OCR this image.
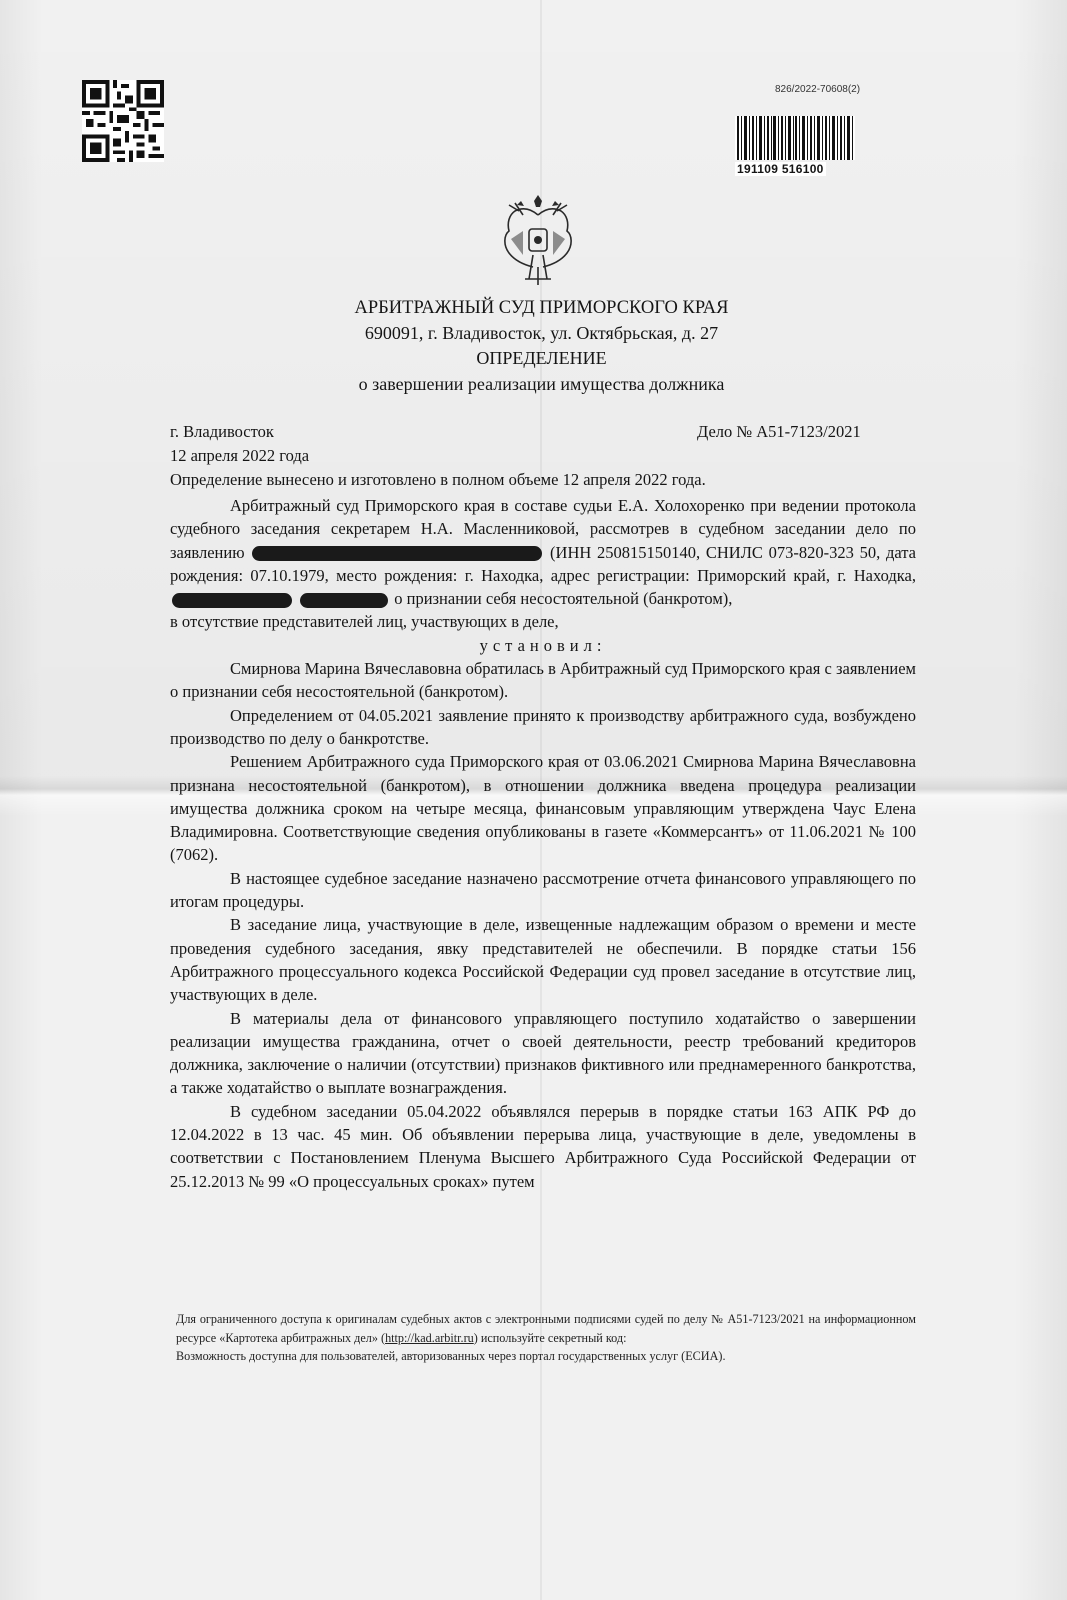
826/2022-70608(2)
191109 516100
АРБИТРАЖНЫЙ СУД ПРИМОРСКОГО КРАЯ
690091, г. Владивосток, ул. Октябрьская, д. 27
ОПРЕДЕЛЕНИЕ
о завершении реализации имущества должника
г. Владивосток	Дело № А51-7123/2021
12 апреля 2022 года
Определение вынесено и изготовлено в полном объеме 12 апреля 2022 года.

Арбитражный суд Приморского края в составе судьи Е.А. Холохоренко при ведении протокола судебного заседания секретарем Н.А. Масленниковой, рассмотрев в судебном заседании дело по заявлению	(ИНН 250815150140, СНИЛС 073-820-323 50, дата рождения: 07.10.1979, место рождения: г. Находка, адрес регистрации: Приморский край, г. Находка,   о признании себя несостоятельной (банкротом),

в отсутствие представителей лиц, участвующих в деле,

установил:

Смирнова Марина Вячеславовна обратилась в Арбитражный суд Приморского края с заявлением о признании себя несостоятельной (банкротом).

Определением от 04.05.2021 заявление принято к производству арбитражного суда, возбуждено производство по делу о банкротстве.

Решением Арбитражного суда Приморского края от 03.06.2021 Смирнова Марина Вячеславовна признана несостоятельной (банкротом), в отношении должника введена процедура реализации имущества должника сроком на четыре месяца, финансовым управляющим утверждена Чаус Елена Владимировна. Соответствующие сведения опубликованы в газете «Коммерсантъ» от 11.06.2021 № 100 (7062).

В настоящее судебное заседание назначено рассмотрение отчета финансового управляющего по итогам процедуры.

В заседание лица, участвующие в деле, извещенные надлежащим образом о времени и месте проведения судебного заседания, явку представителей не обеспечили. В порядке статьи 156 Арбитражного процессуального кодекса Российской Федерации суд провел заседание в отсутствие лиц, участвующих в деле.

В материалы дела от финансового управляющего поступило ходатайство о завершении реализации имущества гражданина, отчет о своей деятельности, реестр требований кредиторов должника, заключение о наличии (отсутствии) признаков фиктивного или преднамеренного банкротства, а также ходатайство о выплате вознаграждения.

В судебном заседании 05.04.2022 объявлялся перерыв в порядке статьи 163 АПК РФ до 12.04.2022 в 13 час. 45 мин. Об объявлении перерыва лица, участвующие в деле, уведомлены в соответствии с Постановлением Пленума Высшего Арбитражного Суда Российской Федерации от 25.12.2013 № 99 «О процессуальных сроках» путем

Для ограниченного доступа к оригиналам судебных актов с электронными подписями судей по делу № А51-7123/2021 на информационном ресурсе «Картотека арбитражных дел» (http://kad.arbitr.ru) используйте секретный код:

Возможность доступна для пользователей, авторизованных через портал государственных услуг (ЕСИА).
